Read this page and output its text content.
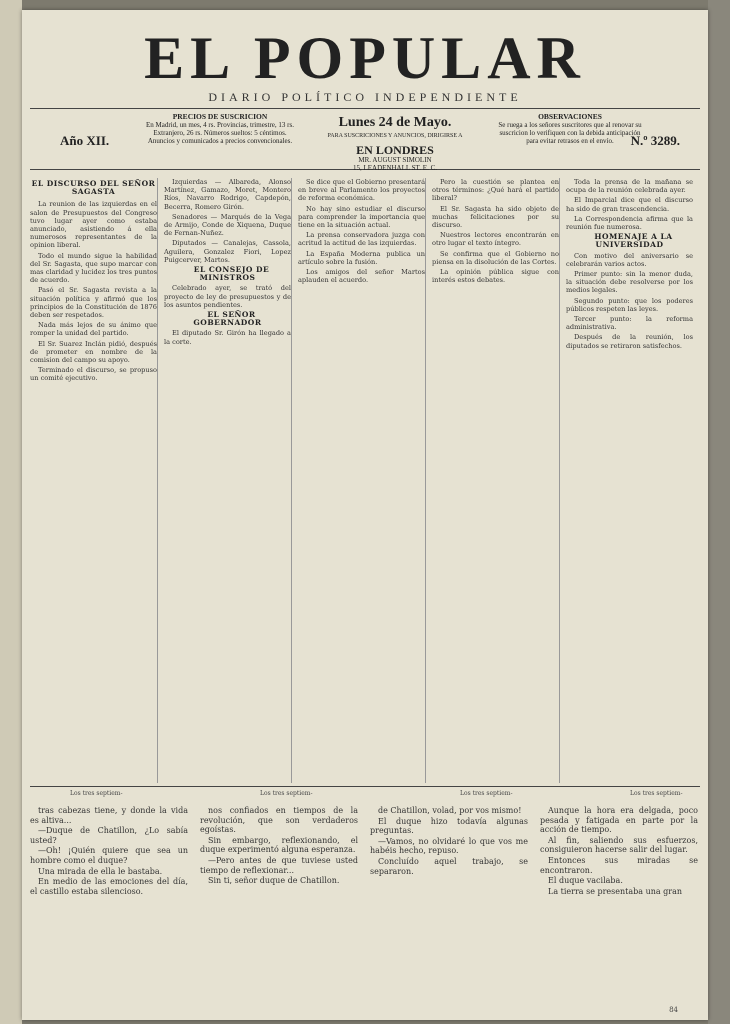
EL POPULAR
DIARIO POLÍTICO INDEPENDIENTE
Año XII.
PRECIOS DE SUSCRICION
En Madrid, un mes, 4 rs. Provincias, trimestre, 13 rs. Extranjero, 26 rs. Números sueltos: 5 céntimos. Anuncios y comunicados a precios convencionales.
Lunes 24 de Mayo.
PARA SUSCRICIONES Y ANUNCIOS, DIRIGIRSE A
EN LONDRES
MR. AUGUST SIMOLIN
15, LEADENHALL ST. E. C.
OBSERVACIONES
Se ruega a los señores suscritores que al renovar su suscricion lo verifiquen con la debida anticipación para evitar retrasos en el envío.	N.º 3289.
EL DISCURSO DEL SEÑOR SAGASTA

La reunion de las izquierdas en el salon de Presupuestos del Congreso tuvo lugar ayer como estaba anunciado, asistiendo á ella numerosos representantes de la opinion liberal.

Todo el mundo sigue la habilidad del Sr. Sagasta, que supo marcar con mas claridad y lucidez los tres puntos de acuerdo.

Pasó el Sr. Sagasta revista a la situación política y afirmó que los principios de la Constitución de 1876 deben ser respetados.

Nada más lejos de su ánimo que romper la unidad del partido.

El Sr. Suarez Inclán pidió, después de prometer en nombre de la comision del campo su apoyo.

Terminado el discurso, se propuso un comité ejecutivo.

Izquierdas — Albareda, Alonso Martínez, Gamazo, Moret, Montero Ríos, Navarro Rodrigo, Capdepón, Becerra, Romero Girón.

Senadores — Marqués de la Vega de Armijo, Conde de Xiquena, Duque de Fernan-Nuñez.

Diputados — Canalejas, Cassola, Aguilera, Gonzalez Fiori, Lopez Puigcerver, Martos.

EL CONSEJO DE MINISTROS

Celebrado ayer, se trató del proyecto de ley de presupuestos y de los asuntos pendientes.

EL SEÑOR GOBERNADOR

El diputado Sr. Girón ha llegado a la corte.

Se dice que el Gobierno presentará en breve al Parlamento los proyectos de reforma económica.

No hay sino estudiar el discurso para comprender la importancia que tiene en la situación actual.

La prensa conservadora juzga con acritud la actitud de las izquierdas.

La España Moderna publica un artículo sobre la fusión.

Los amigos del señor Martos aplauden el acuerdo.

Pero la cuestión se plantea en otros términos: ¿Qué hará el partido liberal?

El Sr. Sagasta ha sido objeto de muchas felicitaciones por su discurso.

Nuestros lectores encontrarán en otro lugar el texto íntegro.

Se confirma que el Gobierno no piensa en la disolución de las Cortes.

La opinión pública sigue con interés estos debates.

Toda la prensa de la mañana se ocupa de la reunión celebrada ayer.

El Imparcial dice que el discurso ha sido de gran trascendencia.

La Correspondencia afirma que la reunión fue numerosa.

HOMENAJE A LA UNIVERSIDAD

Con motivo del aniversario se celebrarán varios actos.

Primer punto: sin la menor duda, la situación debe resolverse por los medios legales.

Segundo punto: que los poderes públicos respeten las leyes.

Tercer punto: la reforma administrativa.

Después de la reunión, los diputados se retiraron satisfechos.

Los tres septiem-	Los tres septiem-	Los tres septiem-	Los tres septiem-

tras cabezas tiene, y donde la vida es altiva...

—Duque de Chatillon, ¿Lo sabía usted?

—Oh! ¡Quién quiere que sea un hombre como el duque?

Una mirada de ella le bastaba.

En medio de las emociones del día, el castillo estaba silencioso.

nos confiados en tiempos de la revolución, que son verdaderos egoístas.

Sin embargo, reflexionando, el duque experimentó alguna esperanza.

—Pero antes de que tuviese usted tiempo de reflexionar...

Sin ti, señor duque de Chatillon.

de Chatillon, volad, por vos mismo!

El duque hizo todavía algunas preguntas.

—Vamos, no olvidaré lo que vos me habéis hecho, repuso.

Concluído aquel trabajo, se separaron.

Aunque la hora era delgada, poco pesada y fatigada en parte por la acción de tiempo.

Al fin, saliendo sus esfuerzos, consiguieron hacerse salir del lugar.

Entonces sus miradas se encontraron.

El duque vacilaba.

La tierra se presentaba una gran

84
